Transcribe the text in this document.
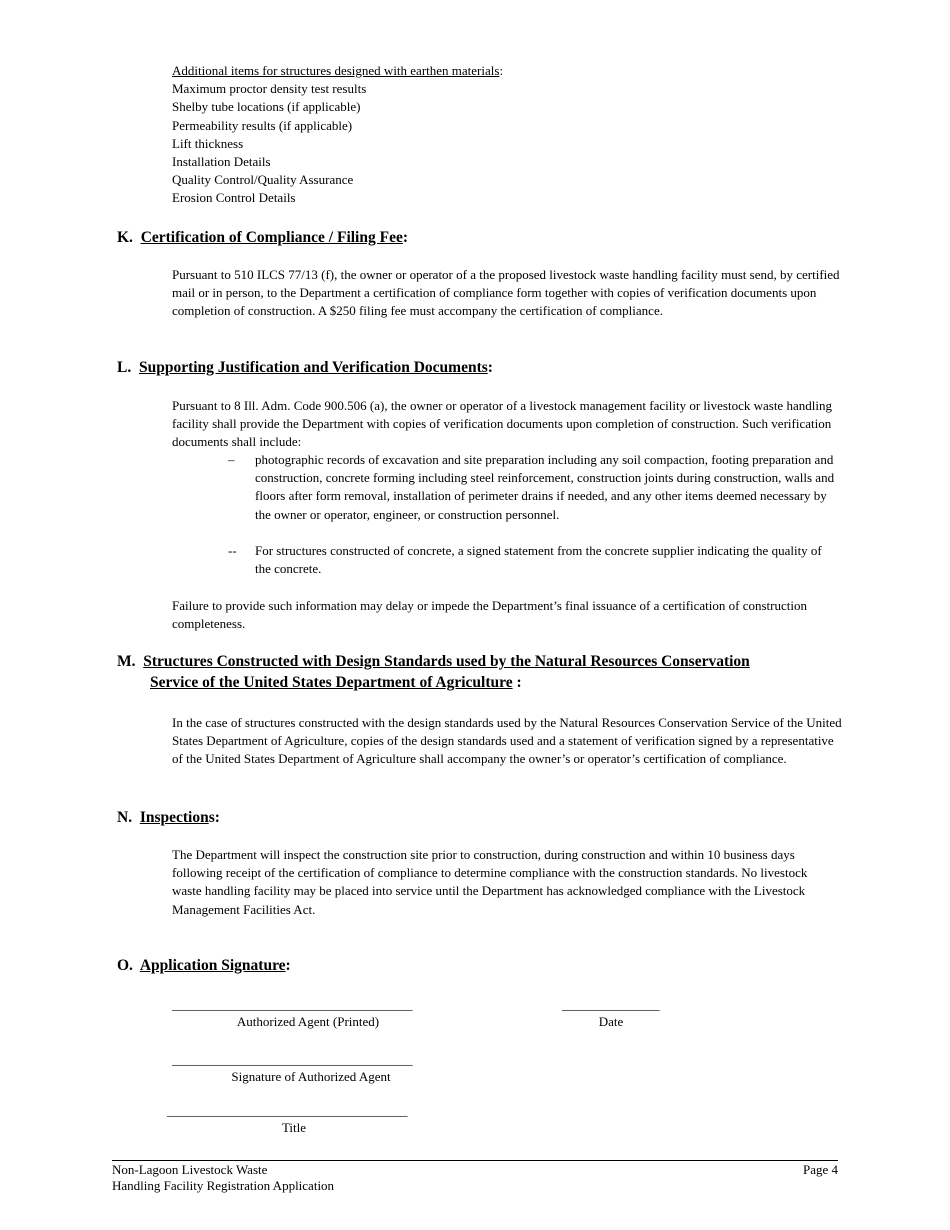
Additional items for structures designed with earthen materials:
Maximum proctor density test results
Shelby tube locations (if applicable)
Permeability results (if applicable)
Lift thickness
Installation Details
Quality Control/Quality Assurance
Erosion Control Details
K. Certification of Compliance / Filing Fee:
Pursuant to 510 ILCS 77/13 (f), the owner or operator of a the proposed livestock waste handling facility must send, by certified mail or in person, to the Department a certification of compliance form together with copies of verification documents upon completion of construction. A $250 filing fee must accompany the certification of compliance.
L. Supporting Justification and Verification Documents:
Pursuant to 8 Ill. Adm. Code 900.506 (a), the owner or operator of a livestock management facility or livestock waste handling facility shall provide the Department with copies of verification documents upon completion of construction. Such verification documents shall include:
– photographic records of excavation and site preparation including any soil compaction, footing preparation and construction, concrete forming including steel reinforcement, construction joints during construction, walls and floors after form removal, installation of perimeter drains if needed, and any other items deemed necessary by the owner or operator, engineer, or construction personnel.
-- For structures constructed of concrete, a signed statement from the concrete supplier indicating the quality of the concrete.
Failure to provide such information may delay or impede the Department’s final issuance of a certification of construction completeness.
M. Structures Constructed with Design Standards used by the Natural Resources Conservation
Service of the United States Department of Agriculture :
In the case of structures constructed with the design standards used by the Natural Resources Conservation Service of the United States Department of Agriculture, copies of the design standards used and a statement of verification signed by a representative of the United States Department of Agriculture shall accompany the owner’s or operator’s certification of compliance.
N. Inspections:
The Department will inspect the construction site prior to construction, during construction and within 10 business days following receipt of the certification of compliance to determine compliance with the construction standards. No livestock waste handling facility may be placed into service until the Department has acknowledged compliance with the Livestock Management Facilities Act.
O. Application Signature:
_____________________________________
Authorized Agent (Printed)
_______________
Date
_____________________________________
Signature of Authorized Agent
_____________________________________
Title
Non-Lagoon Livestock Waste
Handling Facility Registration Application
Page 4
